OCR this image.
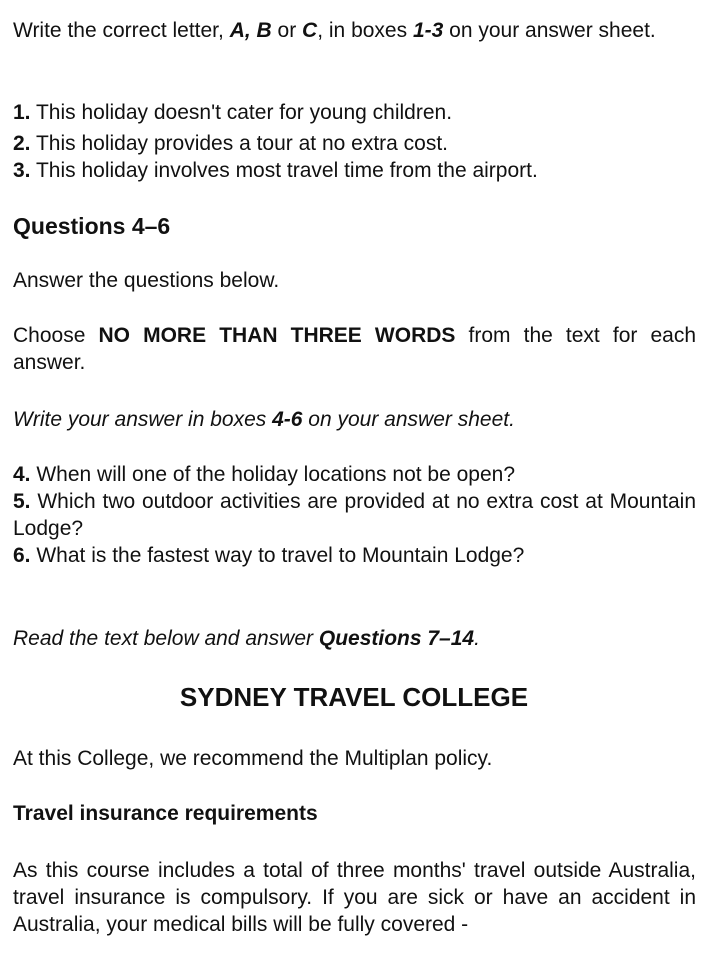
Write the correct letter, A, B or C, in boxes 1-3 on your answer sheet.

1. This holiday doesn't cater for young children.

2. This holiday provides a tour at no extra cost.

3. This holiday involves most travel time from the airport.

Questions 4–6

Answer the questions below.

Choose NO MORE THAN THREE WORDS from the text for each answer.

Write your answer in boxes 4-6 on your answer sheet.

4. When will one of the holiday locations not be open?

5. Which two outdoor activities are provided at no extra cost at Mountain Lodge?

6. What is the fastest way to travel to Mountain Lodge?

Read the text below and answer Questions 7–14.

SYDNEY TRAVEL COLLEGE

At this College, we recommend the Multiplan policy.

Travel insurance requirements

As this course includes a total of three months' travel outside Australia, travel insurance is compulsory. If you are sick or have an accident in Australia, your medical bills will be fully covered -
